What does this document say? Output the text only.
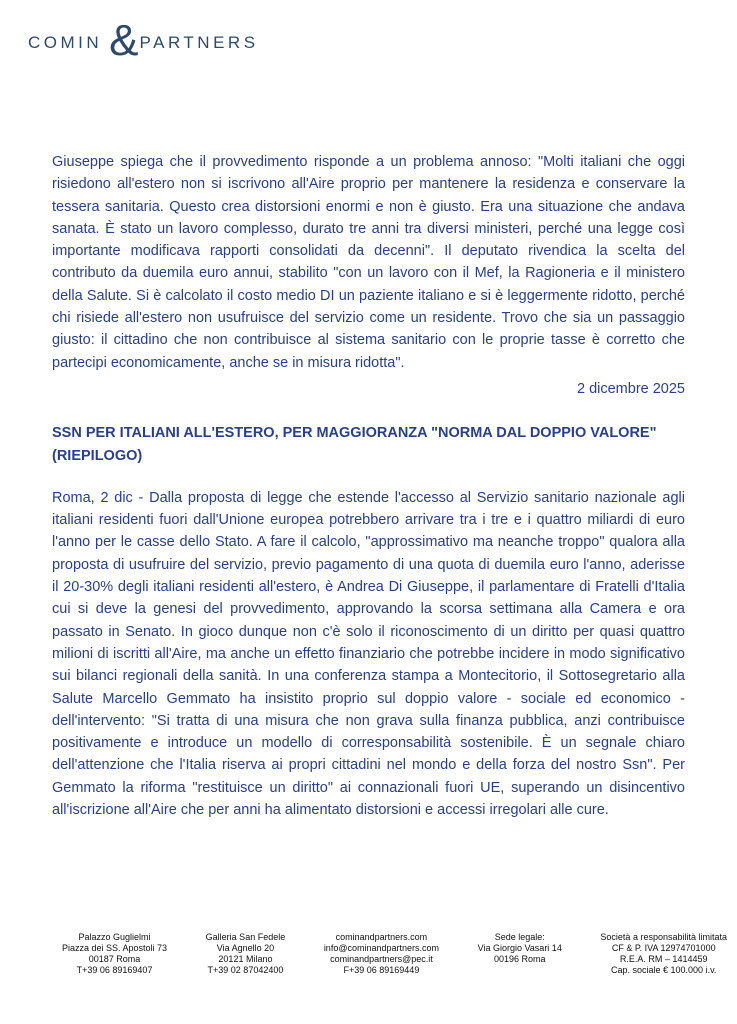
COMIN & PARTNERS

Giuseppe spiega che il provvedimento risponde a un problema annoso: "Molti italiani che oggi risiedono all'estero non si iscrivono all'Aire proprio per mantenere la residenza e conservare la tessera sanitaria. Questo crea distorsioni enormi e non è giusto. Era una situazione che andava sanata. È stato un lavoro complesso, durato tre anni tra diversi ministeri, perché una legge così importante modificava rapporti consolidati da decenni". Il deputato rivendica la scelta del contributo da duemila euro annui, stabilito "con un lavoro con il Mef, la Ragioneria e il ministero della Salute. Si è calcolato il costo medio DI un paziente italiano e si è leggermente ridotto, perché chi risiede all'estero non usufruisce del servizio come un residente. Trovo che sia un passaggio giusto: il cittadino che non contribuisce al sistema sanitario con le proprie tasse è corretto che partecipi economicamente, anche se in misura ridotta".

2 dicembre 2025
SSN PER ITALIANI ALL'ESTERO, PER MAGGIORANZA "NORMA DAL DOPPIO VALORE" (RIEPILOGO)

Roma, 2 dic - Dalla proposta di legge che estende l'accesso al Servizio sanitario nazionale agli italiani residenti fuori dall'Unione europea potrebbero arrivare tra i tre e i quattro miliardi di euro l'anno per le casse dello Stato. A fare il calcolo, "approssimativo ma neanche troppo" qualora alla proposta di usufruire del servizio, previo pagamento di una quota di duemila euro l'anno, aderisse il 20-30% degli italiani residenti all'estero, è Andrea Di Giuseppe, il parlamentare di Fratelli d'Italia cui si deve la genesi del provvedimento, approvando la scorsa settimana alla Camera e ora passato in Senato. In gioco dunque non c'è solo il riconoscimento di un diritto per quasi quattro milioni di iscritti all'Aire, ma anche un effetto finanziario che potrebbe incidere in modo significativo sui bilanci regionali della sanità. In una conferenza stampa a Montecitorio, il Sottosegretario alla Salute Marcello Gemmato ha insistito proprio sul doppio valore - sociale ed economico - dell'intervento: "Si tratta di una misura che non grava sulla finanza pubblica, anzi contribuisce positivamente e introduce un modello di corresponsabilità sostenibile. È un segnale chiaro dell'attenzione che l'Italia riserva ai propri cittadini nel mondo e della forza del nostro Ssn". Per Gemmato la riforma "restituisce un diritto" ai connazionali fuori UE, superando un disincentivo all'iscrizione all'Aire che per anni ha alimentato distorsioni e accessi irregolari alle cure.

Palazzo Guglielmi
Piazza dei SS. Apostoli 73
00187 Roma
T+39 06 89169407
Galleria San Fedele
Via Agnello 20
20121 Milano
T+39 02 87042400
cominandpartners.com
info@cominandpartners.com
cominandpartners@pec.it
F+39 06 89169449
Sede legale:
Via Giorgio Vasari 14
00196 Roma
Società a responsabilità limitata
CF & P. IVA 12974701000
R.E.A. RM – 1414459
Cap. sociale € 100.000 i.v.
